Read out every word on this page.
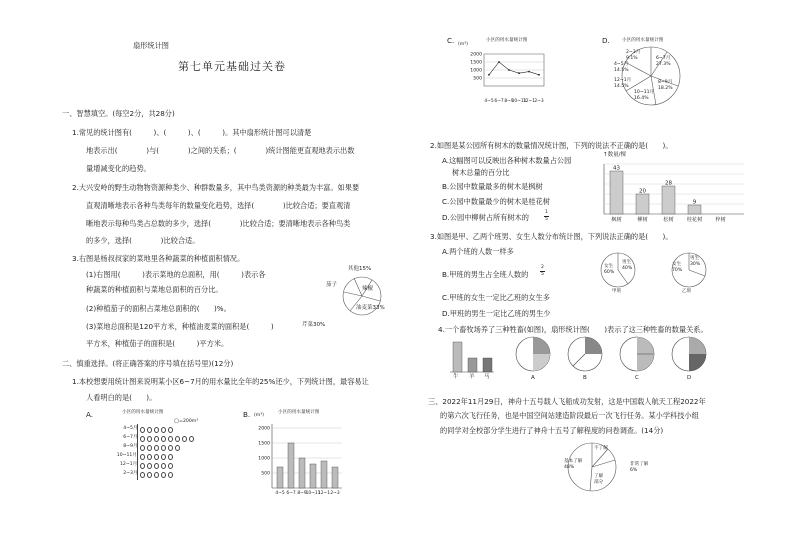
扇形统计图
第七单元基础过关卷
一、智慧填空。(每空2分，共28分)
1.常见的统计图有(　　　)、(　　　)、(　　　)。其中扇形统计图可以清楚
地表示出(　　　　)与(　　　　)之间的关系；(　　　　)统计图能更直观地表示出数
量增减变化的趋势。
2.大兴安岭的野生动物物资源种类少、种群数量多，其中鸟类资源的种类最为丰富。如果要
直观清晰地表示各种鸟类每年的数量变化趋势，选择(　　　　)比较合适；要直观清
晰地表示每种鸟类占总数的多少，选择(　　　　)比较合适；要清晰地表示各种鸟类
的多少，选择(　　　　)比较合适。
3.右图是杨叔叔家的菜地里各种蔬菜的种植面积情况。
(1)右图用(　　　)表示菜地的总面积，用(　　　)表示各
种蔬菜的种植面积与菜地总面积的百分比。
(2)种植茄子的面积占菜地总面积的(　　)%。
(3)菜地总面积是120平方米，种植油麦菜的面积是(　　　)
平方米，种植茄子的面积是(　　　)平方米。
其他15%
茄子
辣椒
油麦菜33%
芹菜30%
二、慎重选择。(将正确答案的序号填在括号里)(12分)
1.本校想要用统计图来说明某小区6~7月的用水量比全年的25%还少，下列统计图，最容易让
人看明白的是(　　)。
A.	小区的用水量统计图
◯=200m³
4~5月
6~7月
8~9月
10~11月
12~1月
2~3月
B.	小区的用水量统计图
(m³)
2000
1500
1000
500
4~5 6~7 8~9
10~11
12~1 2~3
C.	小区的用水量统计图
(m³)
2000
1500
1000
500
4~5 6~7 8~9
10~11
12~1 2~3
D.	小区的用水量统计图
2~3月 9.1%
4~5月 14.5%
6~7月 27.3%
8~9月 18.2%
10~11月 16.4%
12~1月 14.5%
2.如图是某公园所有树木的数量情况统计图，下列的说法不正确的是(　　)。
A.这幅图可以反映出各种树木数量占公园
树木总量的百分比
B.公园中数量最多的树木是枫树
C.公园中数量最少的树木是桂花树
D.公园中柳树占所有树木的
1
5
↑数量/棵
43
枫树
20
柳树
28
松树
9
桂花树	梓树
3.如图是甲、乙两个班男、女生人数分布统计图，下列说法正确的是(　　)。
A.两个班的人数一样多
B.甲班的男生占全班人数的
2
5
C.甲班的女生一定比乙班的女生多
D.甲班的男生一定比乙班的男生少
女生60%
男生40%
甲班
女生70%
男生30%
乙班
4.一个畜牧场养了三种牲畜(如图)，扇形统计图(　　)表示了这三种牲畜的数量关系。
牛 羊 马	A	B	C	D
三、2022年11月29日，神舟十五号载人飞船成功发射，这是中国载人航天工程2022年
的第六次飞行任务，也是中国空间站建造阶段最后一次飞行任务。某小学科技小组
的同学对全校部分学生进行了神舟十五号了解程度的问卷调查。(14分)
基本了解 48%
不了解
非常了解 6%
了解 部分
